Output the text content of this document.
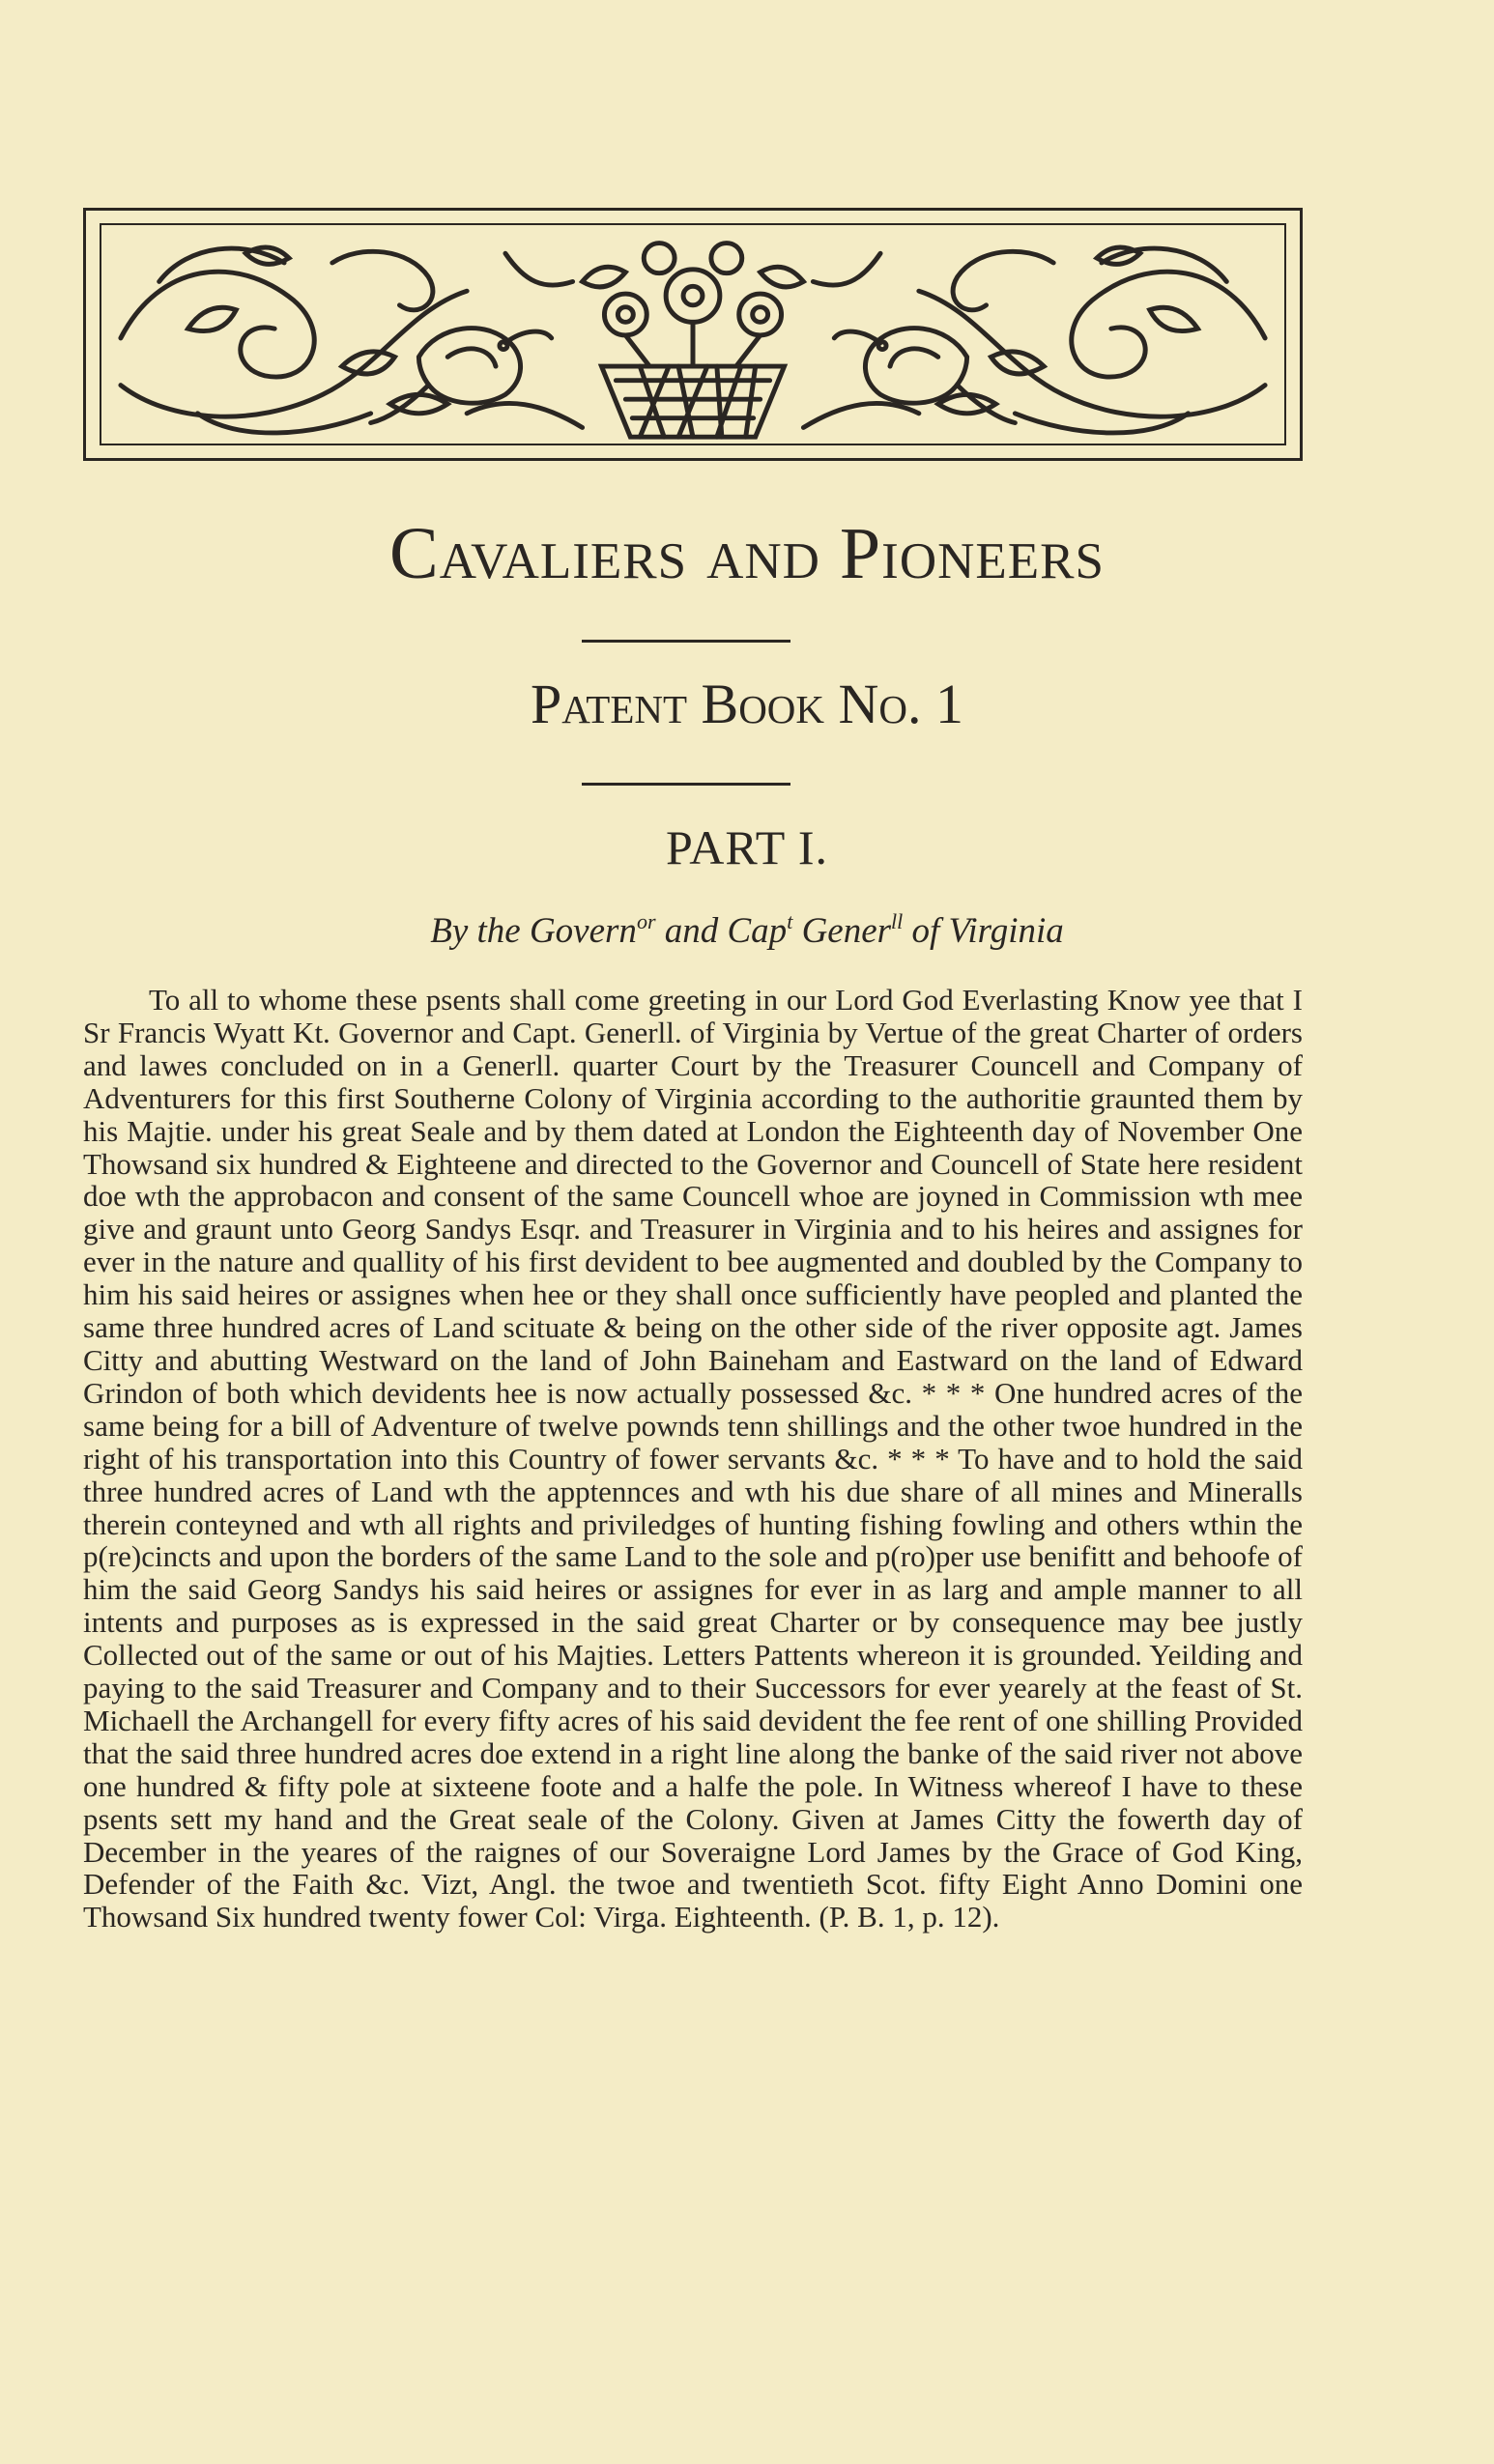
Cavaliers and Pioneers
Patent Book No. 1
PART I.

By the Govern$^{or}$ and Cap$^t$ Gener$^{ll}$ of Virginia

To all to whome these psents shall come greeting in our Lord God Everlasting Know yee that I Sr Francis Wyatt Kt. Governor and Capt. Generll. of Virginia by Vertue of the great Charter of orders and lawes concluded on in a Generll. quarter Court by the Treasurer Councell and Company of Adventurers for this first Southerne Colony of Virginia according to the authoritie graunted them by his Majtie. under his great Seale and by them dated at London the Eighteenth day of November One Thowsand six hundred & Eighteene and directed to the Governor and Councell of State here resident doe wth the approbacon and consent of the same Councell whoe are joyned in Commission wth mee give and graunt unto Georg Sandys Esqr. and Treasurer in Virginia and to his heires and assignes for ever in the nature and quallity of his first devident to bee augmented and doubled by the Company to him his said heires or assignes when hee or they shall once sufficiently have peopled and planted the same three hundred acres of Land scituate & being on the other side of the river opposite agt. James Citty and abutting Westward on the land of John Baineham and Eastward on the land of Edward Grindon of both which devidents hee is now actually possessed &c. * * * One hundred acres of the same being for a bill of Adventure of twelve pownds tenn shillings and the other twoe hundred in the right of his transportation into this Country of fower servants &c. * * * To have and to hold the said three hundred acres of Land wth the apptennces and wth his due share of all mines and Mineralls therein conteyned and wth all rights and priviledges of hunting fishing fowling and others wthin the p(re)cincts and upon the borders of the same Land to the sole and p(ro)per use benifitt and behoofe of him the said Georg Sandys his said heires or assignes for ever in as larg and ample manner to all intents and purposes as is expressed in the said great Charter or by consequence may bee justly Collected out of the same or out of his Majties. Letters Pattents whereon it is grounded. Yeilding and paying to the said Treasurer and Company and to their Successors for ever yearely at the feast of St. Michaell the Archangell for every fifty acres of his said devident the fee rent of one shilling Provided that the said three hundred acres doe extend in a right line along the banke of the said river not above one hundred & fifty pole at sixteene foote and a halfe the pole. In Witness whereof I have to these psents sett my hand and the Great seale of the Colony. Given at James Citty the fowerth day of December in the yeares of the raignes of our Soveraigne Lord James by the Grace of God King, Defender of the Faith &c. Vizt, Angl. the twoe and twentieth Scot. fifty Eight Anno Domini one Thowsand Six hundred twenty fower Col: Virga. Eighteenth. (P. B. 1, p. 12).
